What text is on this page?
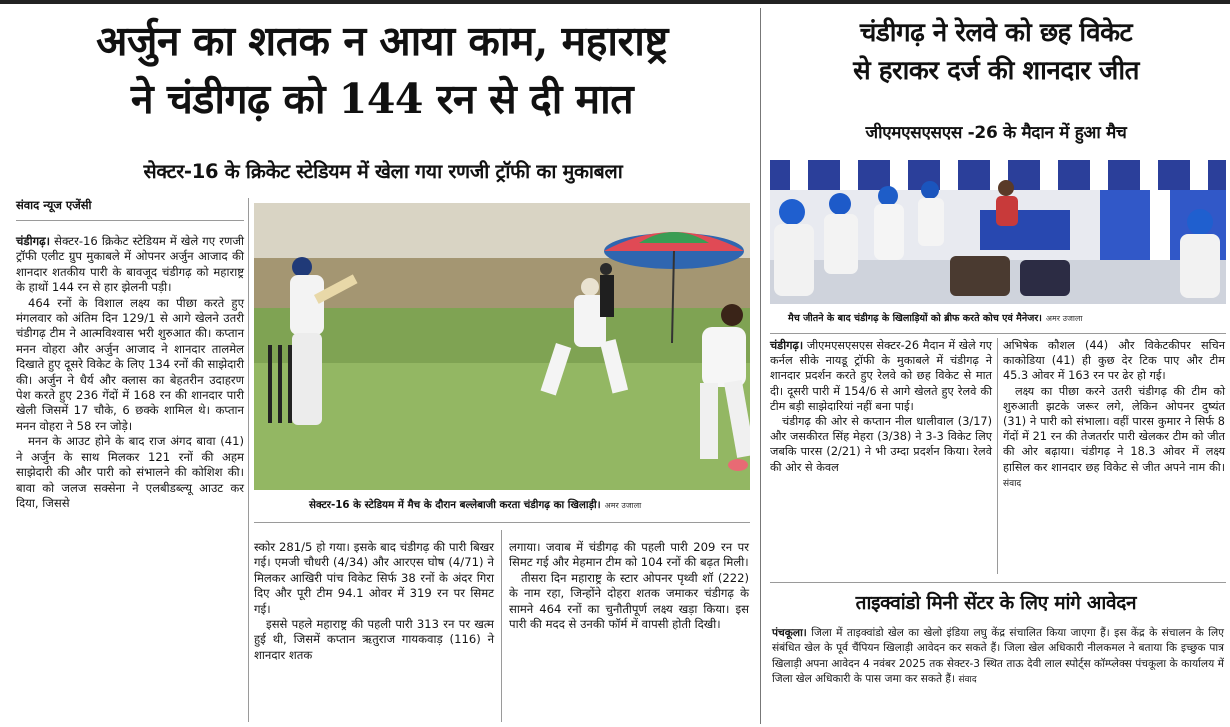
अर्जुन का शतक न आया काम, महाराष्ट्र
ने चंडीगढ़ को 144 रन से दी मात
सेक्टर-16 के क्रिकेट स्टेडियम में खेला गया रणजी ट्रॉफी का मुकाबला
संवाद न्यूज एजेंसी

चंडीगढ़। सेक्टर-16 क्रिकेट स्टेडियम में खेले गए रणजी ट्रॉफी एलीट ग्रुप मुकाबले में ओपनर अर्जुन आजाद की शानदार शतकीय पारी के बावजूद चंडीगढ़ को महाराष्ट्र के हाथों 144 रन से हार झेलनी पड़ी।

464 रनों के विशाल लक्ष्य का पीछा करते हुए मंगलवार को अंतिम दिन 129/1 से आगे खेलने उतरी चंडीगढ़ टीम ने आत्मविश्वास भरी शुरुआत की। कप्तान मनन वोहरा और अर्जुन आजाद ने शानदार तालमेल दिखाते हुए दूसरे विकेट के लिए 134 रनों की साझेदारी की। अर्जुन ने धैर्य और क्लास का बेहतरीन उदाहरण पेश करते हुए 236 गेंदों में 168 रन की शानदार पारी खेली जिसमें 17 चौके, 6 छक्के शामिल थे। कप्तान मनन वोहरा ने 58 रन जोड़े।

मनन के आउट होने के बाद राज अंगद बावा (41) ने अर्जुन के साथ मिलकर 121 रनों की अहम साझेदारी की और पारी को संभालने की कोशिश की। बावा को जलज सक्सेना ने एलबीडब्ल्यू आउट कर दिया, जिससे	सेक्टर-16 के स्टेडियम में मैच के दौरान बल्लेबाजी करता चंडीगढ़ का खिलाड़ी। अमर उजाला

स्कोर 281/5 हो गया। इसके बाद चंडीगढ़ की पारी बिखर गई। एमजी चौधरी (4/34) और आरएस घोष (4/71) ने मिलकर आखिरी पांच विकेट सिर्फ 38 रनों के अंदर गिरा दिए और पूरी टीम 94.1 ओवर में 319 रन पर सिमट गई।

इससे पहले महाराष्ट्र की पहली पारी 313 रन पर खत्म हुई थी, जिसमें कप्तान ऋतुराज गायकवाड़ (116) ने शानदार शतक

लगाया। जवाब में चंडीगढ़ की पहली पारी 209 रन पर सिमट गई और मेहमान टीम को 104 रनों की बढ़त मिली।

तीसरा दिन महाराष्ट्र के स्टार ओपनर पृथ्वी शॉ (222) के नाम रहा, जिन्होंने दोहरा शतक जमाकर चंडीगढ़ के सामने 464 रनों का चुनौतीपूर्ण लक्ष्य खड़ा किया। इस पारी की मदद से उनकी फॉर्म में वापसी होती दिखी।

चंडीगढ़ ने रेलवे को छह विकेट
से हराकर दर्ज की शानदार जीत
जीएमएसएसएस -26 के मैदान में हुआ मैच
मैच जीतने के बाद चंडीगढ़ के खिलाड़ियों को ब्रीफ करते कोच एवं मैनेजर। अमर उजाला

चंडीगढ़। जीएमएसएसएस सेक्टर-26 मैदान में खेले गए कर्नल सीके नायडू ट्रॉफी के मुकाबले में चंडीगढ़ ने शानदार प्रदर्शन करते हुए रेलवे को छह विकेट से मात दी। दूसरी पारी में 154/6 से आगे खेलते हुए रेलवे की टीम बड़ी साझेदारियां नहीं बना पाई।

चंडीगढ़ की ओर से कप्तान नील धालीवाल (3/17) और जसकीरत सिंह मेहरा (3/38) ने 3-3 विकेट लिए जबकि पारस (2/21) ने भी उम्दा प्रदर्शन किया। रेलवे की ओर से केवल

अभिषेक कौशल (44) और विकेटकीपर सचिन काकोडिया (41) ही कुछ देर टिक पाए और टीम 45.3 ओवर में 163 रन पर ढेर हो गई।

लक्ष्य का पीछा करने उतरी चंडीगढ़ की टीम को शुरुआती झटके जरूर लगे, लेकिन ओपनर दुष्यंत (31) ने पारी को संभाला। वहीं पारस कुमार ने सिर्फ 8 गेंदों में 21 रन की तेजतर्रार पारी खेलकर टीम को जीत की ओर बढ़ाया। चंडीगढ़ ने 18.3 ओवर में लक्ष्य हासिल कर शानदार छह विकेट से जीत अपने नाम की। संवाद

ताइक्वांडो मिनी सेंटर के लिए मांगे आवेदन

पंचकूला। जिला में ताइक्वांडो खेल का खेलो इंडिया लघु केंद्र संचालित किया जाएगा हैं। इस केंद्र के संचालन के लिए संबंधित खेल के पूर्व चैंपियन खिलाड़ी आवेदन कर सकते हैं। जिला खेल अधिकारी नीलकमल ने बताया कि इच्छुक पात्र खिलाड़ी अपना आवेदन 4 नवंबर 2025 तक सेक्टर-3 स्थित ताऊ देवी लाल स्पोर्ट्स कॉम्प्लेक्स पंचकूला के कार्यालय में जिला खेल अधिकारी के पास जमा कर सकते हैं। संवाद
